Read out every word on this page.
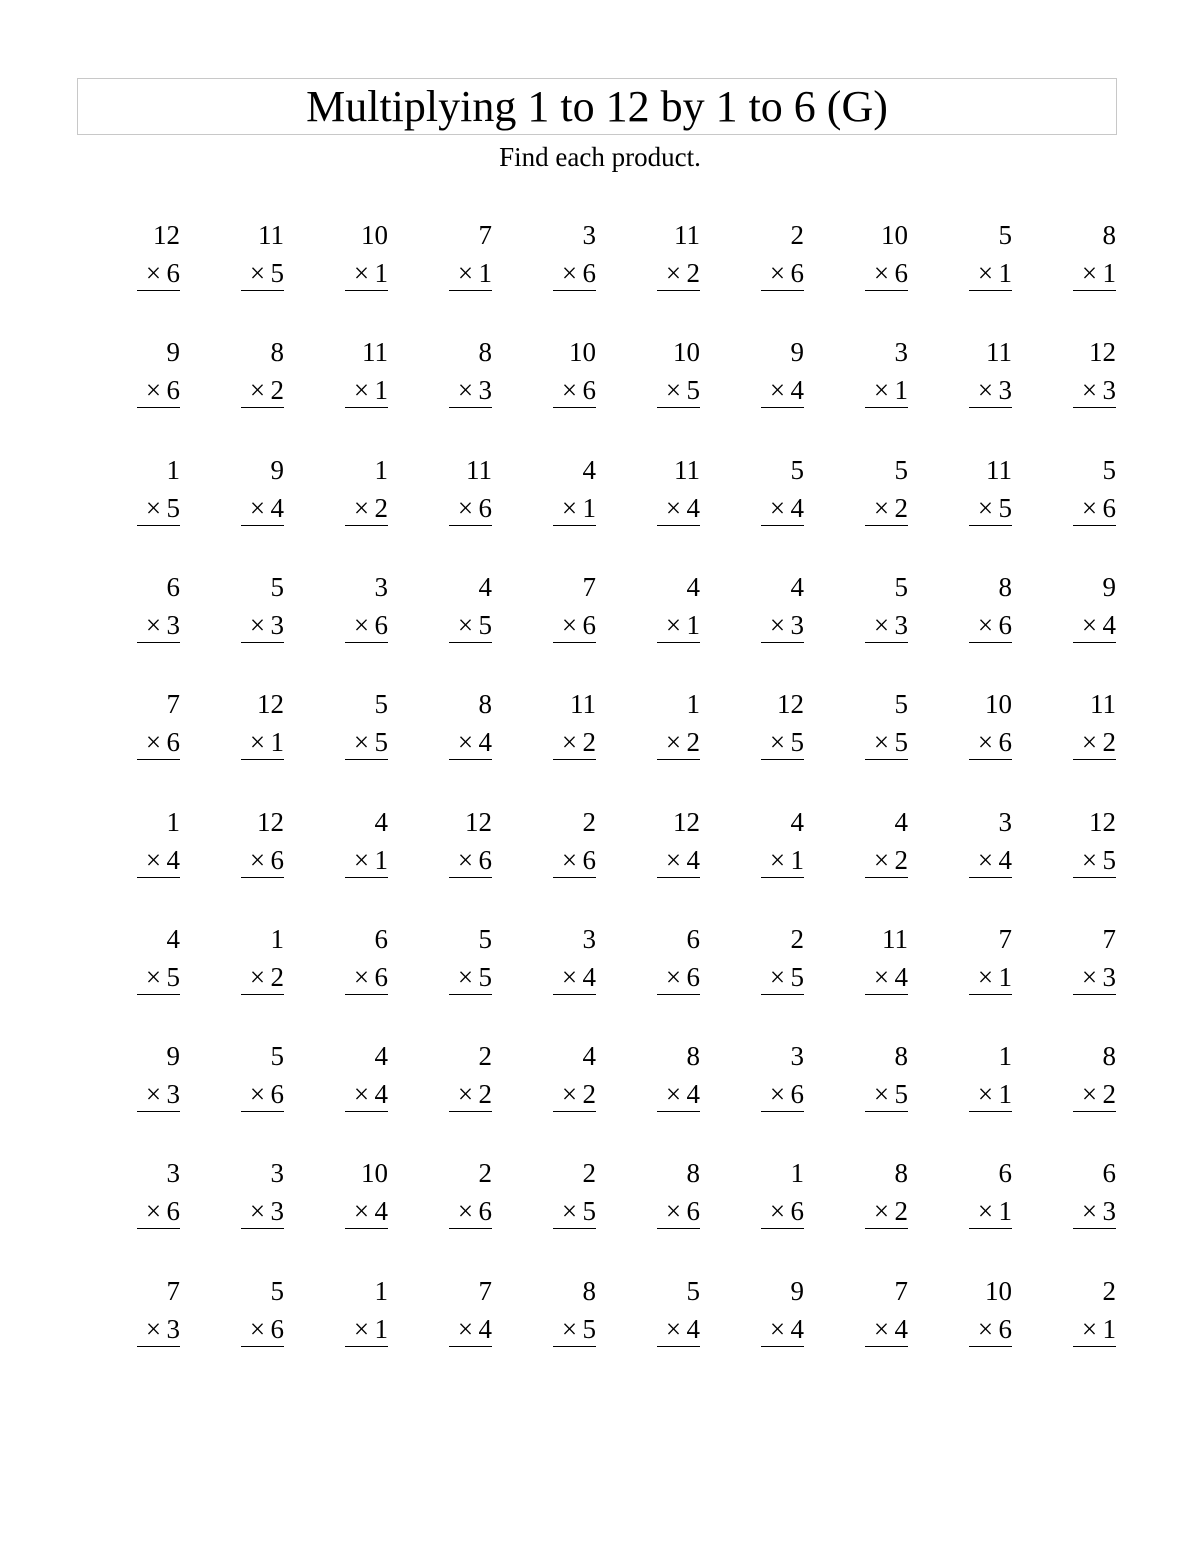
Multiplying 1 to 12 by 1 to 6 (G)
Find each product.
12
× 6
11
× 5
10
× 1
7
× 1
3
× 6
11
× 2
2
× 6
10
× 6
5
× 1
8
× 1
9
× 6
8
× 2
11
× 1
8
× 3
10
× 6
10
× 5
9
× 4
3
× 1
11
× 3
12
× 3
1
× 5
9
× 4
1
× 2
11
× 6
4
× 1
11
× 4
5
× 4
5
× 2
11
× 5
5
× 6
6
× 3
5
× 3
3
× 6
4
× 5
7
× 6
4
× 1
4
× 3
5
× 3
8
× 6
9
× 4
7
× 6
12
× 1
5
× 5
8
× 4
11
× 2
1
× 2
12
× 5
5
× 5
10
× 6
11
× 2
1
× 4
12
× 6
4
× 1
12
× 6
2
× 6
12
× 4
4
× 1
4
× 2
3
× 4
12
× 5
4
× 5
1
× 2
6
× 6
5
× 5
3
× 4
6
× 6
2
× 5
11
× 4
7
× 1
7
× 3
9
× 3
5
× 6
4
× 4
2
× 2
4
× 2
8
× 4
3
× 6
8
× 5
1
× 1
8
× 2
3
× 6
3
× 3
10
× 4
2
× 6
2
× 5
8
× 6
1
× 6
8
× 2
6
× 1
6
× 3
7
× 3
5
× 6
1
× 1
7
× 4
8
× 5
5
× 4
9
× 4
7
× 4
10
× 6
2
× 1
